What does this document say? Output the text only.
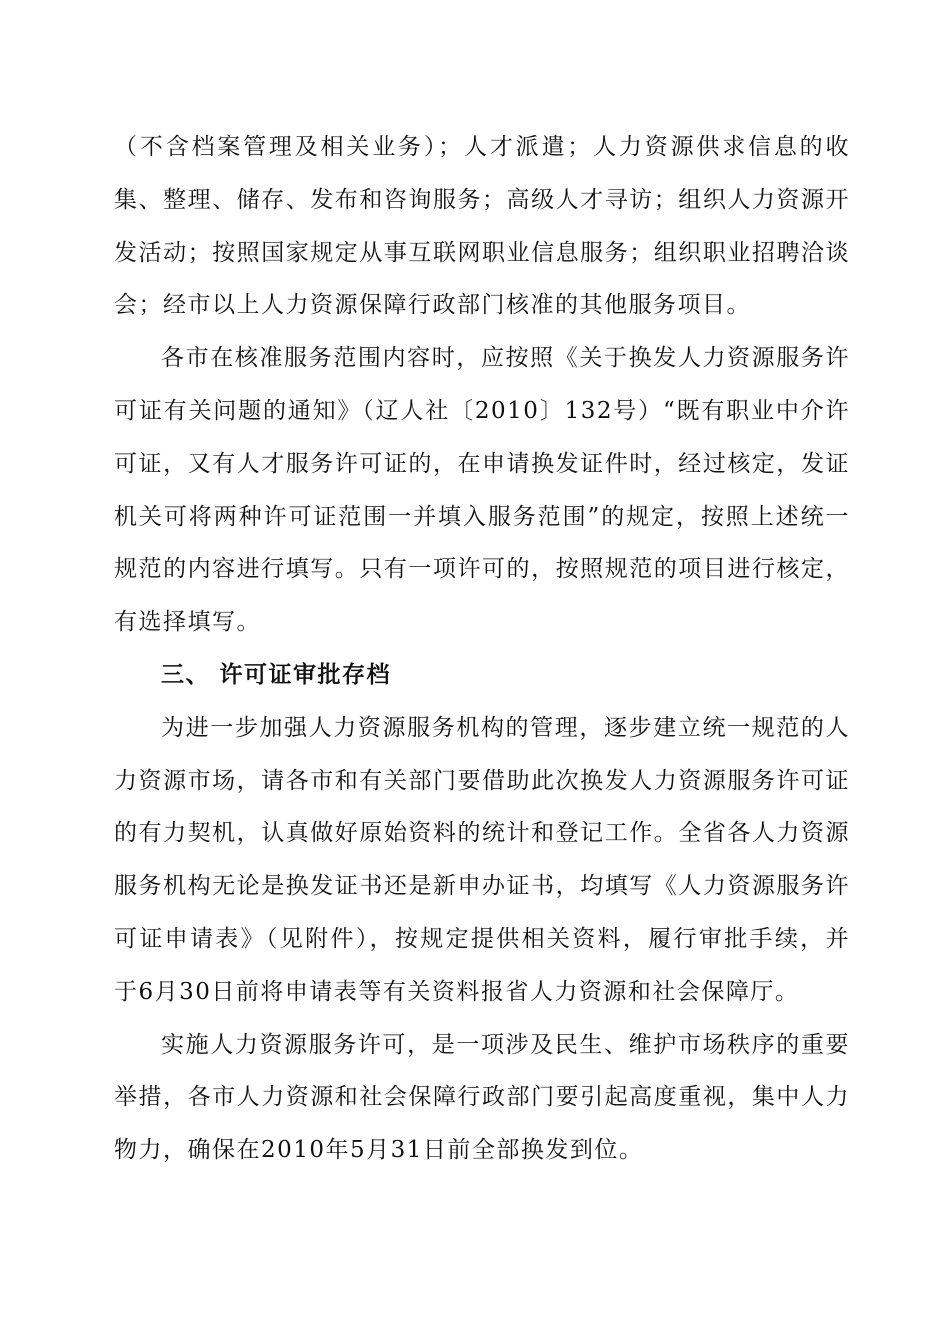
（不含档案管理及相关业务）；人才派遣；人力资源供求信息的收集、整理、储存、发布和咨询服务；高级人才寻访；组织人力资源开发活动；按照国家规定从事互联网职业信息服务；组织职业招聘洽谈会；经市以上人力资源保障行政部门核准的其他服务项目。

各市在核准服务范围内容时，应按照《关于换发人力资源服务许可证有关问题的通知》（辽人社〔2010〕132号）“既有职业中介许可证，又有人才服务许可证的，在申请换发证件时，经过核定，发证机关可将两种许可证范围一并填入服务范围”的规定，按照上述统一规范的内容进行填写。只有一项许可的，按照规范的项目进行核定，有选择填写。

三、 许可证审批存档

为进一步加强人力资源服务机构的管理，逐步建立统一规范的人力资源市场，请各市和有关部门要借助此次换发人力资源服务许可证的有力契机，认真做好原始资料的统计和登记工作。全省各人力资源服务机构无论是换发证书还是新申办证书，均填写《人力资源服务许可证申请表》（见附件），按规定提供相关资料，履行审批手续，并于6月30日前将申请表等有关资料报省人力资源和社会保障厅。

实施人力资源服务许可，是一项涉及民生、维护市场秩序的重要举措，各市人力资源和社会保障行政部门要引起高度重视，集中人力物力，确保在2010年5月31日前全部换发到位。
